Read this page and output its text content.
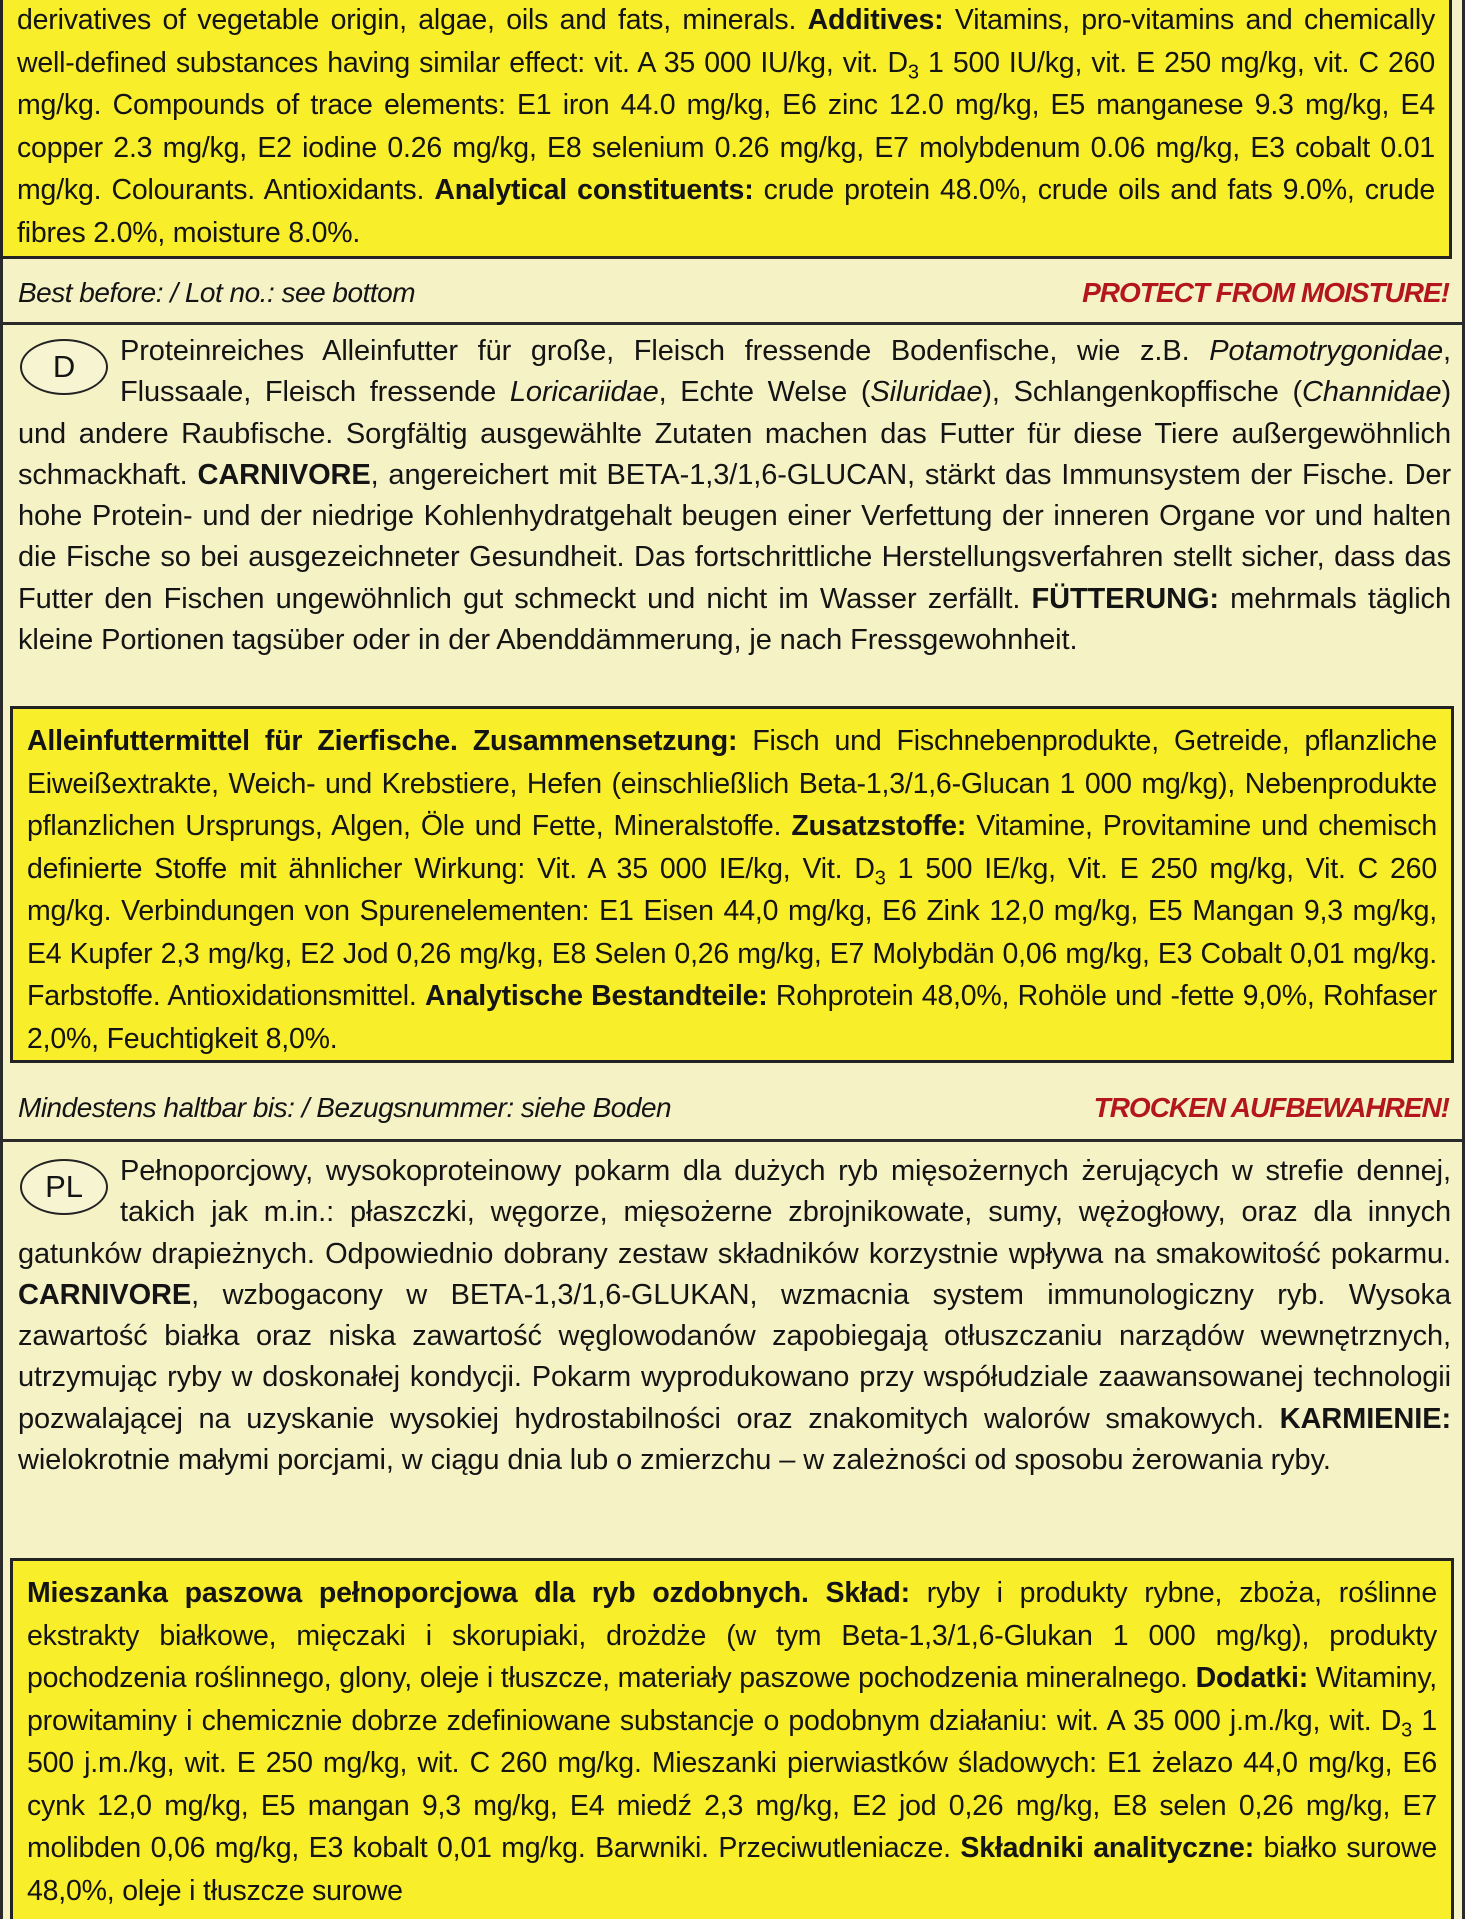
derivatives of vegetable origin, algae, oils and fats, minerals. Additives: Vitamins, pro-vitamins and chemically well-defined substances having similar effect: vit. A 35 000 IU/kg, vit. $D_3$ 1 500 IU/kg, vit. E 250 mg/kg, vit. C 260 mg/kg. Compounds of trace elements: E1 iron 44.0 mg/kg, E6 zinc 12.0 mg/kg, E5 manganese 9.3 mg/kg, E4 copper 2.3 mg/kg, E2 iodine 0.26 mg/kg, E8 selenium 0.26 mg/kg, E7 molybdenum 0.06 mg/kg, E3 cobalt 0.01 mg/kg. Colourants. Antioxidants. Analytical constituents: crude protein 48.0%, crude oils and fats 9.0%, crude fibres 2.0%, moisture 8.0%.

Best before: / Lot no.: see bottom	PROTECT FROM MOISTURE!
D	Proteinreiches Alleinfutter für große, Fleisch fressende Bodenfische, wie z.B. Potamotrygonidae, Flussaale, Fleisch fressende Loricariidae, Echte Welse (Siluridae), Schlangenkopffische (Channidae) und andere Raubfische. Sorgfältig ausgewählte Zutaten machen das Futter für diese Tiere außergewöhnlich schmackhaft. CARNIVORE, angereichert mit BETA-1,3/1,6-GLUCAN, stärkt das Immunsystem der Fische. Der hohe Protein- und der niedrige Kohlenhydratgehalt beugen einer Verfettung der inneren Organe vor und halten die Fische so bei ausgezeichneter Gesundheit. Das fortschrittliche Herstellungsverfahren stellt sicher, dass das Futter den Fischen ungewöhnlich gut schmeckt und nicht im Wasser zerfällt. FÜTTERUNG: mehrmals täglich kleine Portionen tagsüber oder in der Abenddämmerung, je nach Fressgewohnheit.

Alleinfuttermittel für Zierfische. Zusammensetzung: Fisch und Fischnebenprodukte, Getreide, pflanzliche Eiweißextrakte, Weich- und Krebstiere, Hefen (einschließlich Beta-1,3/1,6-Glucan 1 000 mg/kg), Nebenprodukte pflanzlichen Ursprungs, Algen, Öle und Fette, Mineralstoffe. Zusatzstoffe: Vitamine, Provitamine und chemisch definierte Stoffe mit ähnlicher Wirkung: Vit. A 35 000 IE/kg, Vit. $D_3$ 1 500 IE/kg, Vit. E 250 mg/kg, Vit. C 260 mg/kg. Verbindungen von Spurenelementen: E1 Eisen 44,0 mg/kg, E6 Zink 12,0 mg/kg, E5 Mangan 9,3 mg/kg, E4 Kupfer 2,3 mg/kg, E2 Jod 0,26 mg/kg, E8 Selen 0,26 mg/kg, E7 Molybdän 0,06 mg/kg, E3 Cobalt 0,01 mg/kg. Farbstoffe. Antioxidationsmittel. Analytische Bestandteile: Rohprotein 48,0%, Rohöle und -fette 9,0%, Rohfaser 2,0%, Feuchtigkeit 8,0%.

Mindestens haltbar bis: / Bezugsnummer: siehe Boden	TROCKEN AUFBEWAHREN!
PL	Pełnoporcjowy, wysokoproteinowy pokarm dla dużych ryb mięsożernych żerujących w strefie dennej, takich jak m.in.: płaszczki, węgorze, mięsożerne zbrojnikowate, sumy, wężogłowy, oraz dla innych gatunków drapieżnych. Odpowiednio dobrany zestaw składników korzystnie wpływa na smakowitość pokarmu. CARNIVORE, wzbogacony w BETA-1,3/1,6-GLUKAN, wzmacnia system immunologiczny ryb. Wysoka zawartość białka oraz niska zawartość węglowodanów zapobiegają otłuszczaniu narządów wewnętrznych, utrzymując ryby w doskonałej kondycji. Pokarm wyprodukowano przy współudziale zaawansowanej technologii pozwalającej na uzyskanie wysokiej hydrostabilności oraz znakomitych walorów smakowych. KARMIENIE: wielokrotnie małymi porcjami, w ciągu dnia lub o zmierzchu – w zależności od sposobu żerowania ryby.

Mieszanka paszowa pełnoporcjowa dla ryb ozdobnych. Skład: ryby i produkty rybne, zboża, roślinne ekstrakty białkowe, mięczaki i skorupiaki, drożdże (w tym Beta-1,3/1,6-Glukan 1 000 mg/kg), produkty pochodzenia roślinnego, glony, oleje i tłuszcze, materiały paszowe pochodzenia mineralnego. Dodatki: Witaminy, prowitaminy i chemicznie dobrze zdefiniowane substancje o podobnym działaniu: wit. A 35 000 j.m./kg, wit. $D_3$ 1 500 j.m./kg, wit. E 250 mg/kg, wit. C 260 mg/kg. Mieszanki pierwiastków śladowych: E1 żelazo 44,0 mg/kg, E6 cynk 12,0 mg/kg, E5 mangan 9,3 mg/kg, E4 miedź 2,3 mg/kg, E2 jod 0,26 mg/kg, E8 selen 0,26 mg/kg, E7 molibden 0,06 mg/kg, E3 kobalt 0,01 mg/kg. Barwniki. Przeciwutleniacze. Składniki analityczne: białko surowe 48,0%, oleje i tłuszcze surowe
